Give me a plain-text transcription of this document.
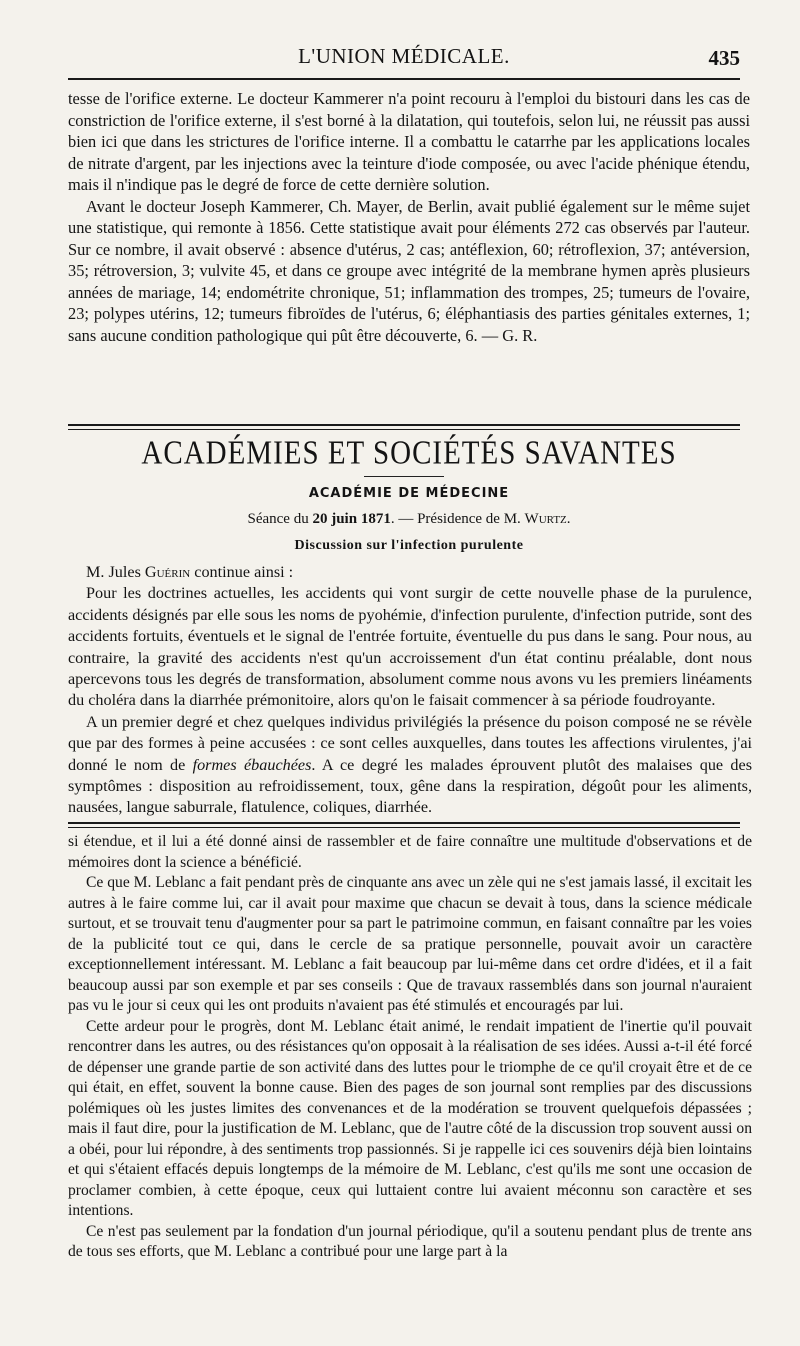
L'UNION MÉDICALE.	435

tesse de l'orifice externe. Le docteur Kammerer n'a point recouru à l'emploi du bistouri dans les cas de constriction de l'orifice externe, il s'est borné à la dilatation, qui toutefois, selon lui, ne réussit pas aussi bien ici que dans les strictures de l'orifice interne. Il a combattu le catarrhe par les applications locales de nitrate d'argent, par les injections avec la teinture d'iode composée, ou avec l'acide phénique étendu, mais il n'indique pas le degré de force de cette dernière solution.

Avant le docteur Joseph Kammerer, Ch. Mayer, de Berlin, avait publié également sur le même sujet une statistique, qui remonte à 1856. Cette statistique avait pour éléments 272 cas observés par l'auteur. Sur ce nombre, il avait observé : absence d'utérus, 2 cas; antéflexion, 60; rétroflexion, 37; antéversion, 35; rétroversion, 3; vulvite 45, et dans ce groupe avec intégrité de la membrane hymen après plusieurs années de mariage, 14; endométrite chronique, 51; inflammation des trompes, 25; tumeurs de l'ovaire, 23; polypes utérins, 12; tumeurs fibroïdes de l'utérus, 6; éléphantiasis des parties génitales externes, 1; sans aucune condition pathologique qui pût être découverte, 6. — G. R.

ACADÉMIES ET SOCIÉTÉS SAVANTES
ACADÉMIE DE MÉDECINE
Séance du 20 juin 1871. — Présidence de M. Wurtz.
Discussion sur l'infection purulente

M. Jules Guérin continue ainsi :

Pour les doctrines actuelles, les accidents qui vont surgir de cette nouvelle phase de la purulence, accidents désignés par elle sous les noms de pyohémie, d'infection purulente, d'infection putride, sont des accidents fortuits, éventuels et le signal de l'entrée fortuite, éventuelle du pus dans le sang. Pour nous, au contraire, la gravité des accidents n'est qu'un accroissement d'un état continu préalable, dont nous apercevons tous les degrés de transformation, absolument comme nous avons vu les premiers linéaments du choléra dans la diarrhée prémonitoire, alors qu'on le faisait commencer à sa période foudroyante.

A un premier degré et chez quelques individus privilégiés la présence du poison composé ne se révèle que par des formes à peine accusées : ce sont celles auxquelles, dans toutes les affections virulentes, j'ai donné le nom de formes ébauchées. A ce degré les malades éprouvent plutôt des malaises que des symptômes : disposition au refroidissement, toux, gêne dans la respiration, dégoût pour les aliments, nausées, langue saburrale, flatulence, coliques, diarrhée.

si étendue, et il lui a été donné ainsi de rassembler et de faire connaître une multitude d'observations et de mémoires dont la science a bénéficié.

Ce que M. Leblanc a fait pendant près de cinquante ans avec un zèle qui ne s'est jamais lassé, il excitait les autres à le faire comme lui, car il avait pour maxime que chacun se devait à tous, dans la science médicale surtout, et se trouvait tenu d'augmenter pour sa part le patrimoine commun, en faisant connaître par les voies de la publicité tout ce qui, dans le cercle de sa pratique personnelle, pouvait avoir un caractère exceptionnellement intéressant. M. Leblanc a fait beaucoup par lui-même dans cet ordre d'idées, et il a fait beaucoup aussi par son exemple et par ses conseils : Que de travaux rassemblés dans son journal n'auraient pas vu le jour si ceux qui les ont produits n'avaient pas été stimulés et encouragés par lui.

Cette ardeur pour le progrès, dont M. Leblanc était animé, le rendait impatient de l'inertie qu'il pouvait rencontrer dans les autres, ou des résistances qu'on opposait à la réalisation de ses idées. Aussi a-t-il été forcé de dépenser une grande partie de son activité dans des luttes pour le triomphe de ce qu'il croyait être et de ce qui était, en effet, souvent la bonne cause. Bien des pages de son journal sont remplies par des discussions polémiques où les justes limites des convenances et de la modération se trouvent quelquefois dépassées ; mais il faut dire, pour la justification de M. Leblanc, que de l'autre côté de la discussion trop souvent aussi on a obéi, pour lui répondre, à des sentiments trop passionnés. Si je rappelle ici ces souvenirs déjà bien lointains et qui s'étaient effacés depuis longtemps de la mémoire de M. Leblanc, c'est qu'ils me sont une occasion de proclamer combien, à cette époque, ceux qui luttaient contre lui avaient méconnu son caractère et ses intentions.

Ce n'est pas seulement par la fondation d'un journal périodique, qu'il a soutenu pendant plus de trente ans de tous ses efforts, que M. Leblanc a contribué pour une large part à la
